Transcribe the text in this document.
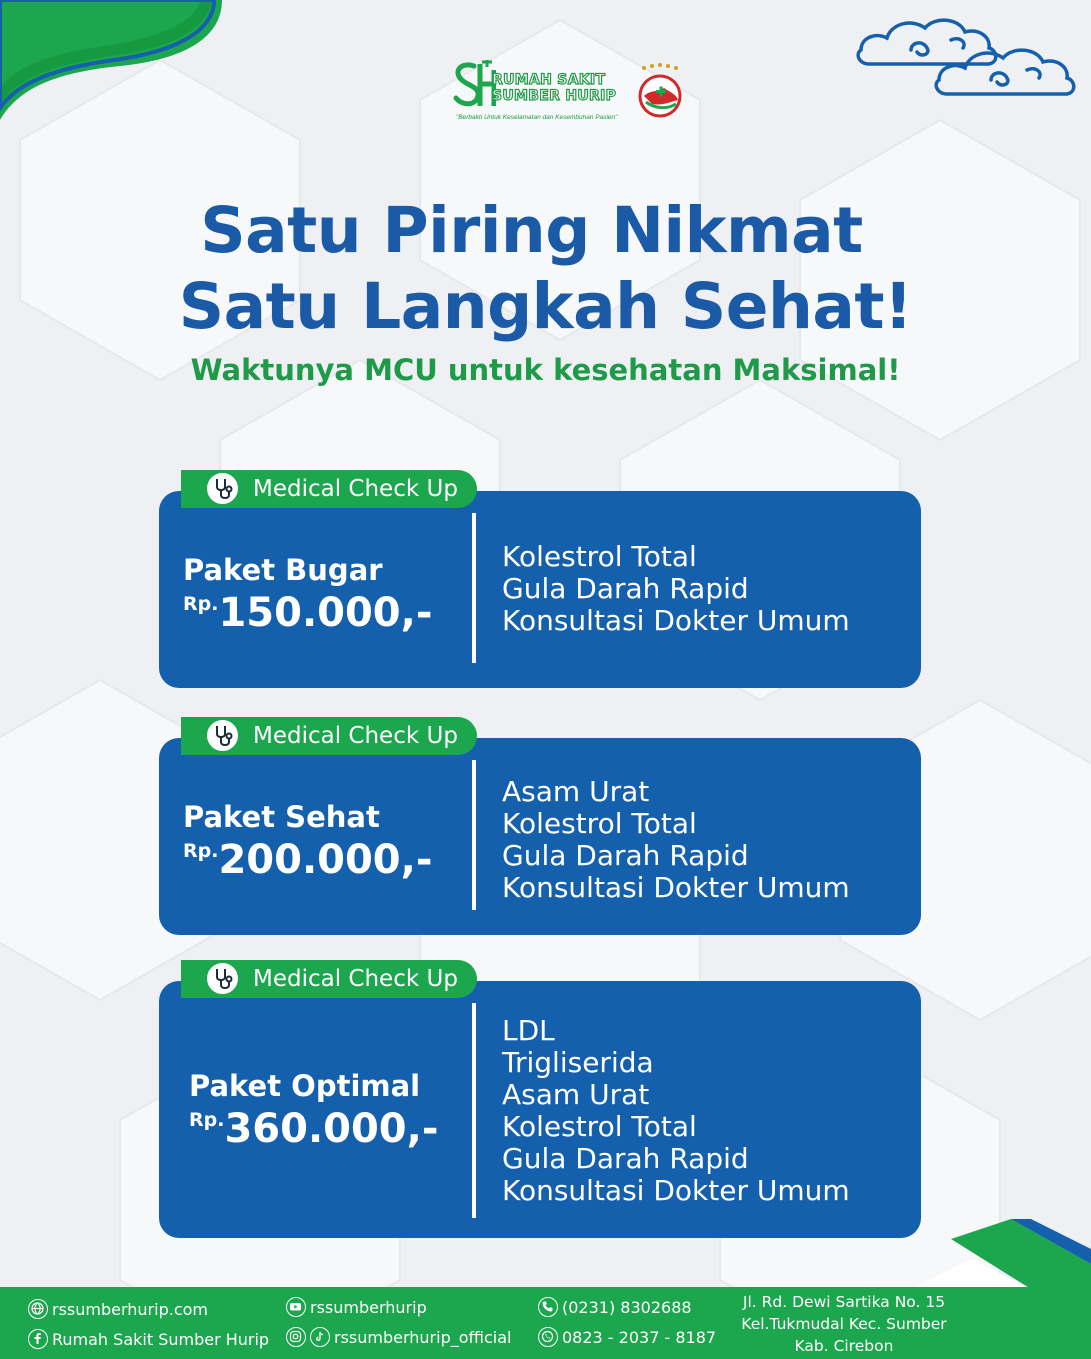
RUMAH SAKIT
SUMBER HURIP
"Berbakti Untuk Keselamatan dan Kesembuhan Pasien"
Satu Piring Nikmat
Satu Langkah Sehat!
Waktunya MCU untuk kesehatan Maksimal!
Paket Bugar
Rp.150.000,-
Kolestrol Total
Gula Darah Rapid
Konsultasi Dokter Umum
Medical Check Up
Paket Sehat
Rp.200.000,-
Asam Urat
Kolestrol Total
Gula Darah Rapid
Konsultasi Dokter Umum
Medical Check Up
Paket Optimal
Rp.360.000,-
LDL
Trigliserida
Asam Urat
Kolestrol Total
Gula Darah Rapid
Konsultasi Dokter Umum
Medical Check Up
rssumberhurip.com
Rumah Sakit Sumber Hurip
rssumberhurip
rssumberhurip_official
(0231) 8302688
0823 - 2037 - 8187
Jl. Rd. Dewi Sartika No. 15
Kel.Tukmudal Kec. Sumber
Kab. Cirebon
